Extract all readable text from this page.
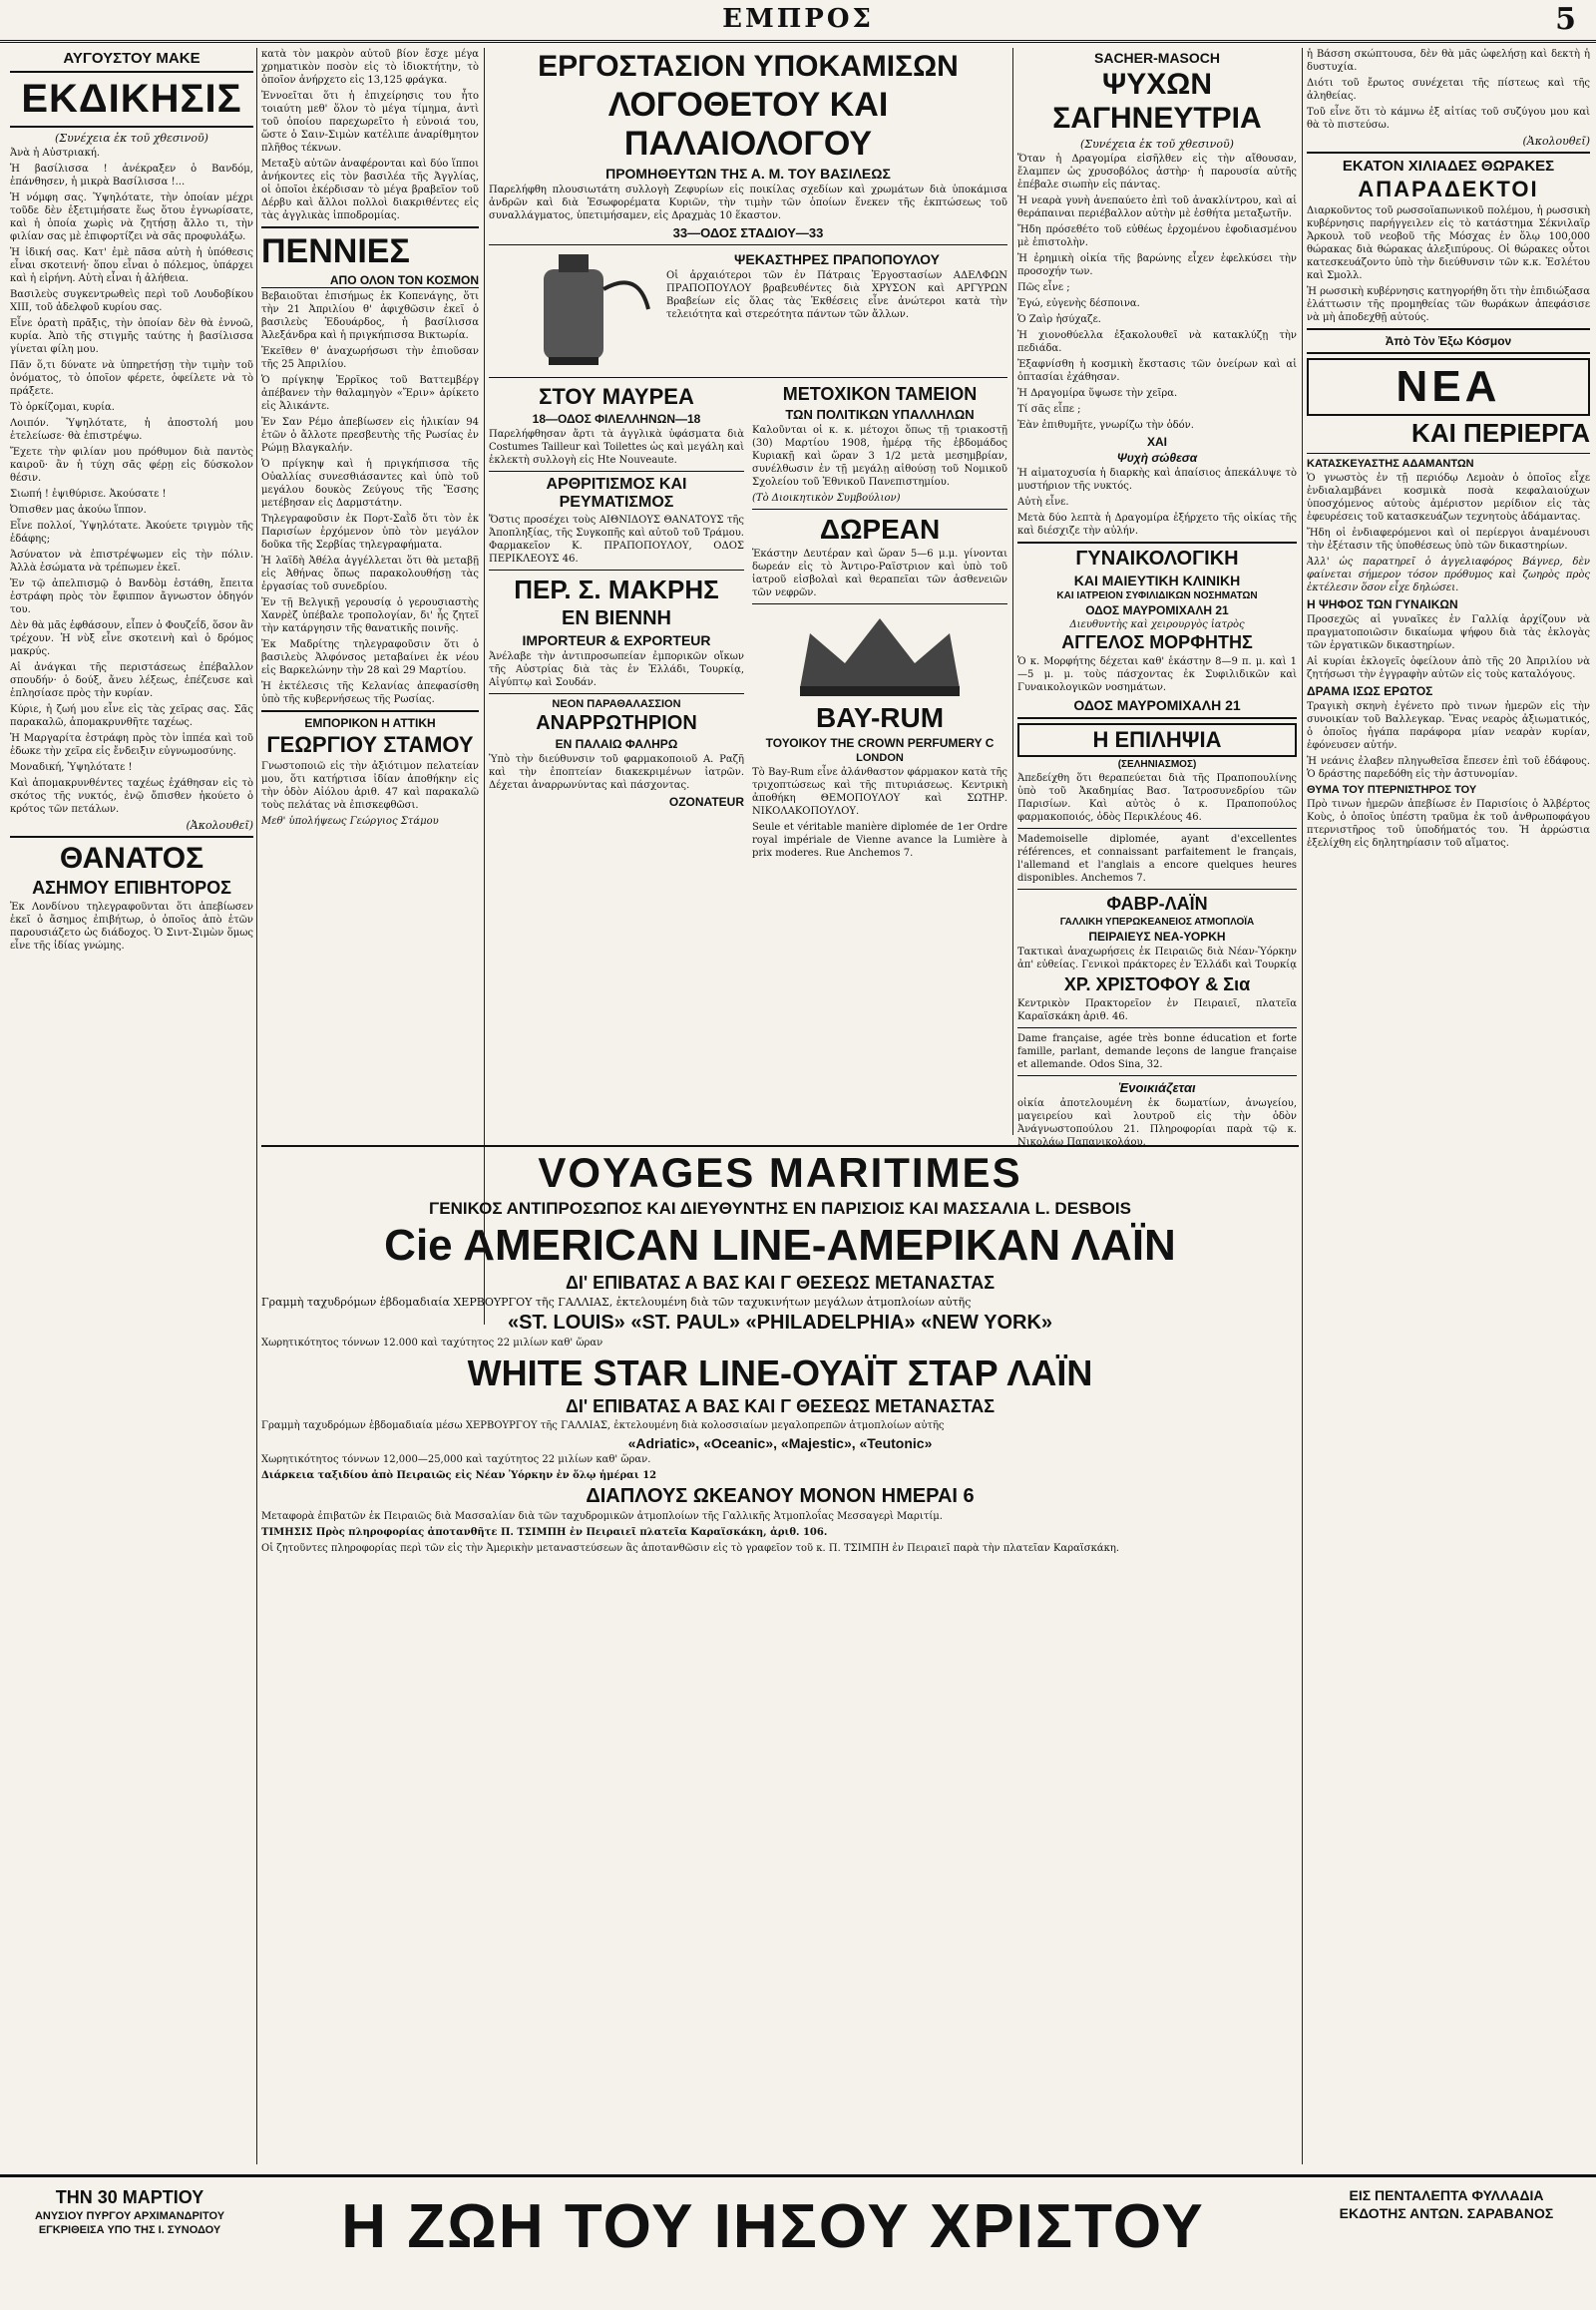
ΕΜΠΡΟΣ	5
ΑΥΓΟΥΣΤΟΥ ΜΑΚΕ
ΕΚΔΙΚΗΣΙΣ
(Συνέχεια ἐκ τοῦ χθεσινοῦ)

Ἀνὰ ἡ Αὐστριακή.

Ἡ βασίλισσα ! ἀνέκραξεν ὁ Βανδόμ, ἐπάνθησεν, ἡ μικρὰ Βασίλισσα !...

Ἡ νόμφη σας. Ὑψηλότατε, τὴν ὁποίαν μέχρι τοῦδε δὲν ἐξετιμήσατε ἕως ὅτου ἐγνωρίσατε, καὶ ἡ ὁποία χωρὶς νὰ ζητήσῃ ἄλλο τι, τὴν φιλίαν σας μὲ ἐπιφορτίζει νὰ σᾶς προφυλάξω.

Ἡ ἰδική σας. Κατ' ἐμὲ πᾶσα αὐτὴ ἡ ὑπόθεσις εἶναι σκοτεινή· ὅπου εἶναι ὁ πόλεμος, ὑπάρχει καὶ ἡ εἰρήνη. Αὐτὴ εἶναι ἡ ἀλήθεια.

Βασιλεὺς συγκεντρωθεὶς περὶ τοῦ Λουδοβίκου ΧΙΙΙ, τοῦ ἀδελφοῦ κυρίου σας.

Εἶνε ὁρατὴ πρᾶξις, τὴν ὁποίαν δὲν θὰ ἐννοῶ, κυρία. Ἀπὸ τῆς στιγμῆς ταύτης ἡ βασίλισσα γίνεται φίλη μου.

Πᾶν ὅ,τι δύνατε νὰ ὑπηρετήσῃ τὴν τιμὴν τοῦ ὀνόματος, τὸ ὁποῖον φέρετε, ὀφείλετε νὰ τὸ πράξετε.

Τὸ ὁρκίζομαι, κυρία.

Λοιπόν. Ὑψηλότατε, ἡ ἀποστολή μου ἐτελείωσε· θὰ ἐπιστρέψω.

Ἔχετε τὴν φιλίαν μου πρόθυμον διὰ παντὸς καιροῦ· ἂν ἡ τύχη σᾶς φέρῃ εἰς δύσκολον θέσιν.

Σιωπή ! ἐψιθύρισε. Ἀκούσατε !

Ὀπισθεν μας ἀκούω ἵππον.

Εἶνε πολλοί, Ὑψηλότατε. Ἀκούετε τριγμὸν τῆς ἐδάφης;

Ἀσύνατον νὰ ἐπιστρέψωμεν εἰς τὴν πόλιν. Ἀλλὰ ἐσώματα νὰ τρέπωμεν ἐκεῖ.

Ἐν τῷ ἀπελπισμῷ ὁ Βανδὸμ ἐστάθη, ἔπειτα ἐστράφη πρὸς τὸν ἔφιππον ἄγνωστον ὁδηγόν του.

Δὲν θὰ μᾶς ἐφθάσουν, εἶπεν ὁ Φουζεΐδ, ὅσον ἂν τρέχουν. Ἡ νὺξ εἶνε σκοτεινὴ καὶ ὁ δρόμος μακρύς.

Αἱ ἀνάγκαι τῆς περιστάσεως ἐπέβαλλον σπουδήν· ὁ δούξ, ἄνευ λέξεως, ἐπέζευσε καὶ ἐπλησίασε πρὸς τὴν κυρίαν.

Κύριε, ἡ ζωή μου εἶνε εἰς τὰς χεῖρας σας. Σᾶς παρακαλῶ, ἀπομακρυνθῆτε ταχέως.

Ἡ Μαργαρίτα ἐστράφη πρὸς τὸν ἱππέα καὶ τοῦ ἐδωκε τὴν χεῖρα εἰς ἔνδειξιν εὐγνωμοσύνης.

Μοναδική, Ὑψηλότατε !

Καὶ ἀπομακρυνθέντες ταχέως ἐχάθησαν εἰς τὸ σκότος τῆς νυκτός, ἐνῷ ὄπισθεν ἠκούετο ὁ κρότος τῶν πετάλων.

(Ἀκολουθεῖ)
ΘΑΝΑΤΟΣ
ΑΣΗΜΟΥ ΕΠΙΒΗΤΟΡΟΣ

Ἐκ Λονδίνου τηλεγραφοῦνται ὅτι ἀπεβίωσεν ἐκεῖ ὁ ἄσημος ἐπιβήτωρ, ὁ ὁποῖος ἀπὸ ἐτῶν παρουσιάζετο ὡς διάδοχος. Ὁ Σιντ-Σιμὼν ὅμως εἶνε τῆς ἰδίας γνώμης.

κατὰ τὸν μακρὸν αὐτοῦ βίον ἔσχε μέγα χρηματικὸν ποσὸν εἰς τὸ ἰδιοκτήτην, τὸ ὁποῖον ἀνήρχετο εἰς 13,125 φράγκα.

Ἐννοεῖται ὅτι ἡ ἐπιχείρησις του ἦτο τοιαύτη μεθ' ὅλον τὸ μέγα τίμημα, ἀντὶ τοῦ ὁποίου παρεχωρεῖτο ἡ εὐνοιά του, ὥστε ὁ Σαιν-Σιμὼν κατέλιπε ἀναρίθμητον πλῆθος τέκνων.

Μεταξὺ αὐτῶν ἀναφέρονται καὶ δύο ἵπποι ἀνήκοντες εἰς τὸν βασιλέα τῆς Ἀγγλίας, οἱ ὁποῖοι ἐκέρδισαν τὸ μέγα βραβεῖον τοῦ Δέρβυ καὶ ἄλλοι πολλοὶ διακριθέντες εἰς τὰς ἀγγλικὰς ἱπποδρομίας.

ΠΕΝΝΙΕΣ
ΑΠΟ ΟΛΟΝ ΤΟΝ ΚΟΣΜΟΝ

Βεβαιοῦται ἐπισήμως ἐκ Κοπενάγης, ὅτι τὴν 21 Ἀπριλίου θ' ἀφιχθῶσιν ἐκεῖ ὁ βασιλεὺς Ἐδουάρδος, ἡ βασίλισσα Ἀλεξάνδρα καὶ ἡ πριγκήπισσα Βικτωρία.

Ἐκεῖθεν θ' ἀναχωρήσωσι τὴν ἐπιοῦσαν τῆς 25 Ἀπριλίου.

Ὁ πρίγκηψ Ἐρρῖκος τοῦ Βαττεμβέργ ἀπέβανεν τὴν θαλαμηγὸν «Ἔριν» ἀρίκετο εἰς Ἀλικάντε.

Ἐν Σαν Ρέμο ἀπεβίωσεν εἰς ἡλικίαν 94 ἐτῶν ὁ ἄλλοτε πρεσβευτὴς τῆς Ρωσίας ἐν Ρώμῃ Βλαγκαλήν.

Ὁ πρίγκηψ καὶ ἡ πριγκήπισσα τῆς Οὐαλλίας συνεσθιάσαντες καὶ ὑπὸ τοῦ μεγάλου δουκὸς Ζεύγους τῆς Ἔσσης μετέβησαν εἰς Δαρμστάτην.

Τηλεγραφοῦσιν ἐκ Πορτ-Σαῒδ ὅτι τὸν ἐκ Παρισίων ἐρχόμενον ὑπὸ τὸν μεγάλον δοῦκα τῆς Σερβίας τηλεγραφήματα.

Ἡ λαϊδὴ Ἀθέλα ἀγγέλλεται ὅτι θὰ μεταβῇ εἰς Ἀθήνας ὅπως παρακολουθήσῃ τὰς ἐργασίας τοῦ συνεδρίου.

Ἐν τῇ Βελγικῇ γερουσίᾳ ὁ γερουσιαστὴς Χανρὲζ ὑπέβαλε τροπολογίαν, δι' ἧς ζητεῖ τὴν κατάργησιν τῆς θανατικῆς ποινῆς.

Ἐκ Μαδρίτης τηλεγραφοῦσιν ὅτι ὁ βασιλεὺς Ἀλφόνσος μεταβαίνει ἐκ νέου εἰς Βαρκελώνην τὴν 28 καὶ 29 Μαρτίου.

Ἡ ἐκτέλεσις τῆς Κελανίας ἀπεφασίσθη ὑπὸ τῆς κυβερνήσεως τῆς Ρωσίας.

ΕΜΠΟΡΙΚΟΝ Η ΑΤΤΙΚΗ
ΓΕΩΡΓΙΟΥ ΣΤΑΜΟΥ

Γνωστοποιῶ εἰς τὴν ἀξιότιμον πελατείαν μου, ὅτι κατήρτισα ἰδίαν ἀποθήκην εἰς τὴν ὁδὸν Αἰόλου ἀριθ. 47 καὶ παρακαλῶ τοὺς πελάτας νὰ ἐπισκεφθῶσι.

Μεθ' ὑπολήψεως Γεώργιος Στάμου

ΕΡΓΟΣΤΑΣΙΟΝ ΥΠΟΚΑΜΙΣΩΝ
ΛΟΓΟΘΕΤΟΥ ΚΑΙ ΠΑΛΑΙΟΛΟΓΟΥ
ΠΡΟΜΗΘΕΥΤΩΝ ΤΗΣ Α. Μ. ΤΟΥ ΒΑΣΙΛΕΩΣ

Παρελήφθη πλουσιωτάτη συλλογὴ Ζεφυρίων εἰς ποικίλας σχεδίων καὶ χρωμάτων διὰ ὑποκάμισα ἀνδρῶν καὶ διὰ Ἐσωφορέματα Κυριῶν, τὴν τιμὴν τῶν ὁποίων ἕνεκεν τῆς ἐκπτώσεως τοῦ συναλλάγματος, ὑπετιμήσαμεν, εἰς Δραχμὰς 10 ἕκαστον.

33—ΟΔΟΣ ΣΤΑΔΙΟΥ—33
ΨΕΚΑΣΤΗΡΕΣ ΠΡΑΠΟΠΟΥΛΟΥ

Οἱ ἀρχαιότεροι τῶν ἐν Πάτραις Ἐργοστασίων ΑΔΕΛΦΩΝ ΠΡΑΠΟΠΟΥΛΟΥ βραβευθέντες διὰ ΧΡΥΣΟΝ καὶ ΑΡΓΥΡΩΝ Βραβείων εἰς ὅλας τὰς Ἐκθέσεις εἶνε ἀνώτεροι κατὰ τὴν τελειότητα καὶ στερεότητα πάντων τῶν ἄλλων.

ΣΤΟΥ ΜΑΥΡΕΑ
18—ΟΔΟΣ ΦΙΛΕΛΛΗΝΩΝ—18

Παρελήφθησαν ἄρτι τὰ ἀγγλικὰ ὑφάσματα διὰ Costumes Tailleur καὶ Toilettes ὡς καὶ μεγάλη καὶ ἐκλεκτὴ συλλογὴ εἰς Ηte Nouveaute.

ΑΡΘΡΙΤΙΣΜΟΣ ΚΑΙ ΡΕΥΜΑΤΙΣΜΟΣ

Ὅστις προσέχει τοὺς ΑΙΘΝΙΔΟΥΣ ΘΑΝΑΤΟΥΣ τῆς Ἀποπληξίας, τῆς Συγκοπῆς καὶ αὐτοῦ τοῦ Τράμου. Φαρμακεῖον Κ. ΠΡΑΠΟΠΟΥΛΟΥ, ΟΔΟΣ ΠΕΡΙΚΛΕΟΥΣ 46.

ΠΕΡ. Σ. ΜΑΚΡΗΣ
ΕΝ ΒΙΕΝΝΗ
IMPORTEUR & EXPORTEUR

Ἀνέλαβε τὴν ἀντιπροσωπείαν ἐμπορικῶν οἴκων τῆς Αὐστρίας διὰ τὰς ἐν Ἑλλάδι, Τουρκίᾳ, Αἰγύπτῳ καὶ Σουδάν.

ΝΕΟΝ ΠΑΡΑΘΑΛΑΣΣΙΟΝ
ΑΝΑΡΡΩΤΗΡΙΟΝ
ΕΝ ΠΑΛΑΙΩ ΦΑΛΗΡΩ

Ὑπὸ τὴν διεύθυνσιν τοῦ φαρμακοποιοῦ Α. Ραζῆ καὶ τὴν ἐποπτείαν διακεκριμένων ἰατρῶν. Δέχεται ἀναρρωνύντας καὶ πάσχοντας.

OZONATEUR
ΜΕΤΟΧΙΚΟΝ ΤΑΜΕΙΟΝ
ΤΩΝ ΠΟΛΙΤΙΚΩΝ ΥΠΑΛΛΗΛΩΝ

Καλοῦνται οἱ κ. κ. μέτοχοι ὅπως τῇ τριακοστῇ (30) Μαρτίου 1908, ἡμέρᾳ τῆς ἑβδομάδος Κυριακῇ καὶ ὥραν 3 1/2 μετὰ μεσημβρίαν, συνέλθωσιν ἐν τῇ μεγάλῃ αἰθούσῃ τοῦ Νομικοῦ Σχολείου τοῦ Ἐθνικοῦ Πανεπιστημίου.

(Τὸ Διοικητικὸν Συμβούλιον)

ΔΩΡΕΑΝ

Ἑκάστην Δευτέραν καὶ ὥραν 5—6 μ.μ. γίνονται δωρεάν εἰς τὸ Ἀντιρο-Ραϊστριον καὶ ὑπὸ τοῦ ἰατροῦ εἰσβολαὶ καὶ θεραπεῖαι τῶν ἀσθενειῶν τῶν νεφρῶν.

BAY-RUM
ΤΟΥΟΙΚΟΥ THE CROWN PERFUMERY C
LONDON

Τὸ Bay-Rum εἶνε ἀλάνθαστον φάρμακον κατὰ τῆς τριχοπτώσεως καὶ τῆς πιτυριάσεως. Κεντρικὴ ἀποθήκη ΘΕΜΟΠΟΥΛΟΥ καὶ ΣΩΤΗΡ. ΝΙΚΟΛΑΚΟΠΟΥΛΟΥ.

Seule et véritable manière diplomée de 1er Ordre royal impériale de Vienne avance la Lumière à prix moderes. Rue Anchemos 7.

SACHER-MASOCH
ΨΥΧΩΝ ΣΑΓΗΝΕΥΤΡΙΑ
(Συνέχεια ἐκ τοῦ χθεσινοῦ)

Ὅταν ἡ Δραγομίρα εἰσῆλθεν εἰς τὴν αἴθουσαν, ἔλαμπεν ὡς χρυσοβόλος ἀστὴρ· ἡ παρουσία αὐτῆς ἐπέβαλε σιωπὴν εἰς πάντας.

Ἡ νεαρὰ γυνὴ ἀνεπαύετο ἐπὶ τοῦ ἀνακλίντρου, καὶ αἱ θεράπαιναι περιέβαλλον αὐτὴν μὲ ἐσθήτα μεταξωτῆν.

Ἤδη πρόσεθέτο τοῦ εὐθέως ἐρχομένου ἐφοδιασμένου μὲ ἐπιστολὴν.

Ἡ ἐρημικὴ οἰκία τῆς βαρώνης εἶχεν ἐφελκύσει τὴν προσοχήν των.

Πῶς εἶνε ;

Ἐγώ, εὐγενὴς δέσποινα.

Ὁ Ζαὶρ ἠσύχαζε.

Ἡ χιονοθύελλα ἐξακολουθεῖ νὰ κατακλύζῃ τὴν πεδιάδα.

Ἐξαφνίσθη ἡ κοσμικὴ ἔκστασις τῶν ὀνείρων καὶ αἱ ὁπτασίαι ἐχάθησαν.

Ἡ Δραγομίρα ὕψωσε τὴν χεῖρα.

Τί σᾶς εἶπε ;

Ἐὰν ἐπιθυμῆτε, γνωρίζω τὴν ὁδόν.

ΧΑΙ
Ψυχὴ σώθεσα

Ἡ αἱματοχυσία ἡ διαρκὴς καὶ ἀπαίσιος ἀπεκάλυψε τὸ μυστήριον τῆς νυκτός.

Αὐτὴ εἶνε.

Μετὰ δύο λεπτὰ ἡ Δραγομίρα ἐξήρχετο τῆς οἰκίας τῆς καὶ διέσχιζε τὴν αὐλήν.

ΓΥΝΑΙΚΟΛΟΓΙΚΗ
ΚΑΙ ΜΑΙΕΥΤΙΚΗ ΚΛΙΝΙΚΗ
ΚΑΙ ΙΑΤΡΕΙΟΝ ΣΥΦΙΛΙΔΙΚΩΝ ΝΟΣΗΜΑΤΩΝ
ΟΔΟΣ ΜΑΥΡΟΜΙΧΑΛΗ 21
Διευθυντὴς καὶ χειρουργὸς ἰατρὸς
ΑΓΓΕΛΟΣ ΜΟΡΦΗΤΗΣ

Ὁ κ. Μορφήτης δέχεται καθ' ἑκάστην 8—9 π. μ. καὶ 1—5 μ. μ. τοὺς πάσχοντας ἐκ Συφιλιδικῶν καὶ Γυναικολογικῶν νοσημάτων.

ΟΔΟΣ ΜΑΥΡΟΜΙΧΑΛΗ 21
Η ΕΠΙΛΗΨΙΑ
(ΣΕΛΗΝΙΑΣΜΟΣ)

Ἀπεδείχθη ὅτι θεραπεύεται διὰ τῆς Πραποπουλίνης ὑπὸ τοῦ Ἀκαδημίας Βασ. Ἰατροσυνεδρίου τῶν Παρισίων. Καὶ αὐτὸς ὁ κ. Πραποπούλος φαρμακοποιός, ὁδὸς Περικλέους 46.

Mademoiselle diplomée, ayant d'excellentes références, et connaissant parfaitement le français, l'allemand et l'anglais a encore quelques heures disponibles. Anchemos 7.

ΦΑΒΡ-ΛΑΪΝ
ΓΑΛΛΙΚΗ ΥΠΕΡΩΚΕΑΝΕΙΟΣ ΑΤΜΟΠΛΟΪΑ
ΠΕΙΡΑΙΕΥΣ ΝΕΑ-ΥΟΡΚΗ

Τακτικαὶ ἀναχωρήσεις ἐκ Πειραιῶς διὰ Νέαν-Ὑόρκην ἀπ' εὐθείας. Γενικοὶ πράκτορες ἐν Ἑλλάδι καὶ Τουρκίᾳ

ΧΡ. ΧΡΙΣΤΟΦΟΥ & Σια

Κεντρικὸν Πρακτορεῖον ἐν Πειραιεῖ, πλατεῖα Καραϊσκάκη ἀριθ. 46.

Dame française, agée très bonne éducation et forte famille, parlant, demande leçons de langue française et allemande. Odos Sina, 32.

Ἐνοικιάζεται

οἰκία ἀποτελουμένη ἐκ δωματίων, ἀνωγείου, μαγειρείου καὶ λουτροῦ εἰς τὴν ὁδὸν Ἀνάγνωστοπούλου 21. Πληροφορίαι παρὰ τῷ κ. Νικολάῳ Παπανικολάου.

ἡ Βάσση σκώπτουσα, δὲν θὰ μᾶς ὠφελήσῃ καὶ δεκτὴ ἡ δυστυχία.

Διότι τοῦ ἔρωτος συνέχεται τῆς πίστεως καὶ τῆς ἀληθείας.

Τοῦ εἶνε ὅτι τὸ κάμνω ἐξ αἰτίας τοῦ συζύγου μου καὶ θὰ τὸ πιστεύσω.

(Ἀκολουθεῖ)
ΕΚΑΤΟΝ ΧΙΛΙΑΔΕΣ ΘΩΡΑΚΕΣ
ΑΠΑΡΑΔΕΚΤΟΙ

Διαρκοῦντος τοῦ ρωσσοϊαπωνικοῦ πολέμου, ἡ ρωσσικὴ κυβέρνησις παρήγγειλεν εἰς τὸ κατάστημα Σέκνιλαϊρ Ἀρκουλ τοῦ νεοβοῦ τῆς Μόσχας ἐν ὅλῳ 100,000 θώρακας διὰ θώρακας ἀλεξιπύρους. Οἱ θώρακες οὗτοι κατεσκευάζοντο ὑπὸ τὴν διεύθυνσιν τῶν κ.κ. Ἐσλέτου καὶ Σμολλ.

Ἡ ρωσσικὴ κυβέρνησις κατηγορήθη ὅτι τὴν ἐπιδιώξασα ἐλάττωσιν τῆς προμηθείας τῶν θωράκων ἀπεφάσισε νὰ μὴ ἀποδεχθῇ αὐτούς.

Ἀπὸ Τὸν Ἐξω Κόσμον
ΝΕΑ
ΚΑΙ ΠΕΡΙΕΡΓΑ
ΚΑΤΑΣΚΕΥΑΣΤΗΣ ΑΔΑΜΑΝΤΩΝ

Ὁ γνωστὸς ἐν τῇ περιόδῳ Λεμοὰν ὁ ὁποῖος εἶχε ἐνδιαλαμβάνει κοσμικὰ ποσὰ κεφαλαιούχων ὑποσχόμενος αὐτοὺς ἀμέριστον μερίδιον εἰς τὰς ἐφευρέσεις τοῦ κατασκευάζων τεχνητοὺς ἀδάμαντας.

Ἤδη οἱ ἐνδιαφερόμενοι καὶ οἱ περίεργοι ἀναμένουσι τὴν ἐξέτασιν τῆς ὑποθέσεως ὑπὸ τῶν δικαστηρίων.

Ἀλλ' ὡς παρατηρεῖ ὁ ἀγγελιαφόρος Βάγνερ, δὲν φαίνεται σήμερον τόσον πρόθυμος καὶ ζωηρὸς πρὸς ἐκτέλεσιν ὅσον εἶχε δηλώσει.

Η ΨΗΦΟΣ ΤΩΝ ΓΥΝΑΙΚΩΝ

Προσεχῶς αἱ γυναῖκες ἐν Γαλλίᾳ ἀρχίζουν νὰ πραγματοποιῶσιν δικαίωμα ψήφου διὰ τὰς ἐκλογὰς τῶν ἐργατικῶν δικαστηρίων.

Αἱ κυρίαι ἐκλογεῖς ὀφείλουν ἀπὸ τῆς 20 Ἀπριλίου νὰ ζητήσωσι τὴν ἐγγραφὴν αὐτῶν εἰς τοὺς καταλόγους.

ΔΡΑΜΑ ΙΣΩΣ ΕΡΩΤΟΣ

Τραγικὴ σκηνὴ ἐγένετο πρὸ τινων ἡμερῶν εἰς τὴν συνοικίαν τοῦ Βαλλεγκαρ. Ἕνας νεαρὸς ἀξιωματικός, ὁ ὁποῖος ἠγάπα παράφορα μίαν νεαρὰν κυρίαν, ἐφόνευσεν αὐτήν.

Ἡ νεάνις ἐλαβεν πληγωθεῖσα ἔπεσεν ἐπὶ τοῦ ἐδάφους. Ὁ δράστης παρεδόθη εἰς τὴν ἀστυνομίαν.

ΘΥΜΑ ΤΟΥ ΠΤΕΡΝΙΣΤΗΡΟΣ ΤΟΥ

Πρὸ τινων ἡμερῶν ἀπεβίωσε ἐν Παρισίοις ὁ Ἀλβέρτος Κοὺς, ὁ ὁποῖος ὑπέστη τραῦμα ἐκ τοῦ ἀνθρωποφάγου πτερνιστῆρος τοῦ ὑποδήματός του. Ἡ ἀρρώστια ἐξελίχθη εἰς δηλητηρίασιν τοῦ αἵματος.

VOYAGES MARITIMES
ΓΕΝΙΚΟΣ ΑΝΤΙΠΡΟΣΩΠΟΣ ΚΑΙ ΔΙΕΥΘΥΝΤΗΣ ΕΝ ΠΑΡΙΣΙΟΙΣ ΚΑΙ ΜΑΣΣΑΛΙΑ L. DESBOIS
Cie AMERICAN LINE-ΑΜΕΡΙΚΑΝ ΛΑΪΝ
ΔΙ' ΕΠΙΒΑΤΑΣ Α ΒΑΣ ΚΑΙ Γ ΘΕΣΕΩΣ ΜΕΤΑΝΑΣΤΑΣ

Γραμμὴ ταχυδρόμων ἑβδομαδιαία ΧΕΡΒΟΥΡΓΟΥ τῆς ΓΑΛΛΙΑΣ, ἐκτελουμένη διὰ τῶν ταχυκινήτων μεγάλων ἀτμοπλοίων αὐτῆς

«ST. LOUIS» «ST. PAUL» «PHILADELPHIA» «NEW YORK»

Χωρητικότητος τόννων 12.000 καὶ ταχύτητος 22 μιλίων καθ' ὥραν

WHITE STAR LINE-ΟΥΑΪΤ ΣΤΑΡ ΛΑΪΝ
ΔΙ' ΕΠΙΒΑΤΑΣ Α ΒΑΣ ΚΑΙ Γ ΘΕΣΕΩΣ ΜΕΤΑΝΑΣΤΑΣ

Γραμμὴ ταχυδρόμων ἑβδομαδιαία μέσω ΧΕΡΒΟΥΡΓΟΥ τῆς ΓΑΛΛΙΑΣ, ἐκτελουμένη διὰ κολοσσιαίων μεγαλοπρεπῶν ἀτμοπλοίων αὐτῆς

«Adriatic», «Oceanic», «Majestic», «Teutonic»

Χωρητικότητος τόννων 12,000—25,000 καὶ ταχύτητος 22 μιλίων καθ' ὥραν.

Διάρκεια ταξιδίου ἀπὸ Πειραιῶς εἰς Νέαν Ὑόρκην ἐν ὅλῳ ἡμέραι 12

ΔΙΑΠΛΟΥΣ ΩΚΕΑΝΟΥ ΜΟΝΟΝ ΗΜΕΡΑΙ 6

Μεταφορὰ ἐπιβατῶν ἐκ Πειραιῶς διὰ Μασσαλίαν διὰ τῶν ταχυδρομικῶν ἀτμοπλοίων τῆς Γαλλικῆς Ἀτμοπλοΐας Μεσσαγερὶ Μαριτίμ.

ΤΙΜΗΣΙΣ Πρὸς πληροφορίας ἀποτανθῆτε Π. ΤΣΙΜΠΗ ἐν Πειραιεῖ πλατεῖα Καραϊσκάκη, ἀριθ. 106.

Οἱ ζητοῦντες πληροφορίας περὶ τῶν εἰς τὴν Ἀμερικὴν μεταναστεύσεων ἃς ἀποτανθῶσιν εἰς τὸ γραφεῖον τοῦ κ. Π. ΤΣΙΜΠΗ ἐν Πειραιεῖ παρὰ τὴν πλατεῖαν Καραϊσκάκη.

ΤΗΝ 30 ΜΑΡΤΙΟΥ
ΑΝΥΣΙΟΥ ΠΥΡΓΟΥ ΑΡΧΙΜΑΝΔΡΙΤΟΥ
ΕΓΚΡΙΘΕΙΣΑ ΥΠΟ ΤΗΣ Ι. ΣΥΝΟΔΟΥ	Η ΖΩΗ ΤΟΥ ΙΗΣΟΥ ΧΡΙΣΤΟΥ	ΕΙΣ ΠΕΝΤΑΛΕΠΤΑ ΦΥΛΛΑΔΙΑ
ΕΚΔΟΤΗΣ ΑΝΤΩΝ. ΣΑΡΑΒΑΝΟΣ
